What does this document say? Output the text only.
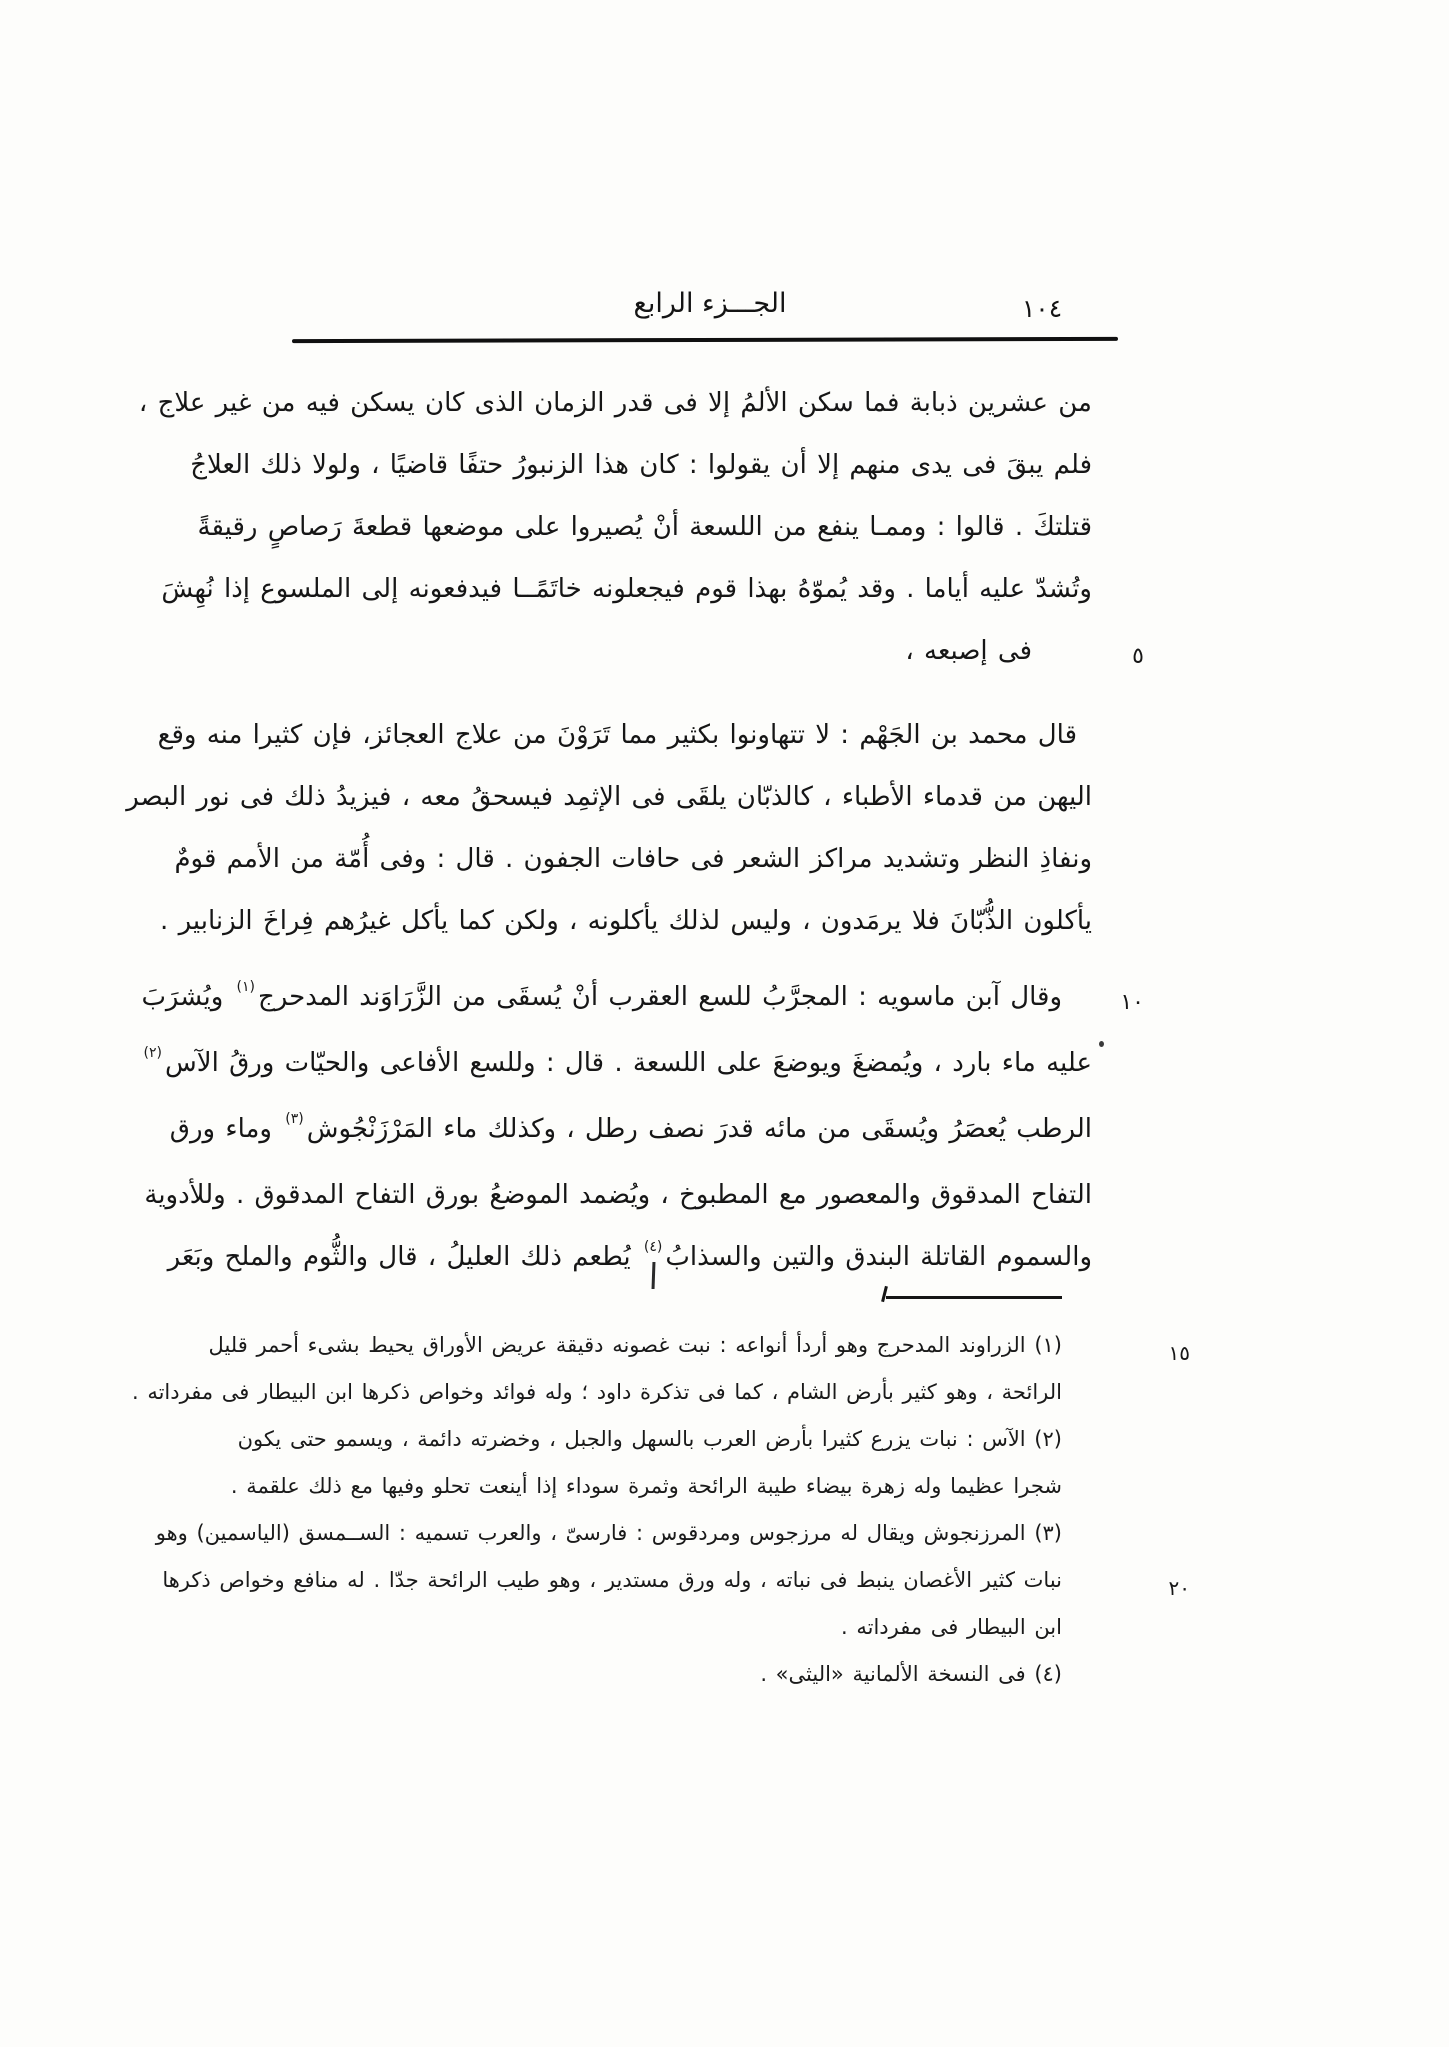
الجـــزء الرابع	١٠٤
من عشرين ذبابة فما سكن الألمُ إلا فى قدر الزمان الذى كان يسكن فيه من غير علاج ،
فلم يبقَ فى يدى منهم إلا أن يقولوا : كان هذا الزنبورُ حتفًا قاضيًا ، ولولا ذلك العلاجُ
قتلتكَ . قالوا : وممـا ينفع من اللسعة أنْ يُصيروا على موضعها قطعةَ رَصاصٍ رقيقةً
وتُشدّ عليه أياما . وقد يُموّهُ بهذا قوم فيجعلونه خاتَمًــا فيدفعونه إلى الملسوع إذا نُهِشَ
فى إصبعه ،	٥
قال محمد بن الجَهْم : لا تتهاونوا بكثير مما تَرَوْنَ من علاج العجائز، فإن كثيرا منه وقع
اليهن من قدماء الأطباء ، كالذبّان يلقَى فى الإثمِد فيسحقُ معه ، فيزيدُ ذلك فى نور البصر
ونفاذِ النظر وتشديد مراكز الشعر فى حافات الجفون . قال : وفى أُمّة من الأمم قومٌ
يأكلون الذُّبّانَ فلا يرمَدون ، وليس لذلك يأكلونه ، ولكن كما يأكل غيرُهم فِراخَ الزنابير .
وقال آبن ماسويه : المجرَّبُ للسع العقرب أنْ يُسقَى من الزَّرَاوَند المدحرج$^{(١)}$ ويُشرَبَ	١٠
عليه ماء بارد ، ويُمضغَ ويوضعَ على اللسعة . قال : وللسع الأفاعى والحيّات ورقُ الآس$^{(٢)}$
الرطب يُعصَرُ ويُسقَى من مائه قدرَ نصف رطل ، وكذلك ماء المَرْزَنْجُوش$^{(٣)}$ وماء ورق
التفاح المدقوق والمعصور مع المطبوخ ، ويُضمد الموضعُ بورق التفاح المدقوق . وللأدوية
والسموم القاتلة البندق والتين والسذابُ$^{(٤)}$ يُطعم ذلك العليلُ ، قال والثُّوم والملح وبَعَر
(١) الزراوند المدحرج وهو أردأ أنواعه : نبت غصونه دقيقة عريض الأوراق يحيط بشىء أحمر قليل	١٥
الرائحة ، وهو كثير بأرض الشام ، كما فى تذكرة داود ؛ وله فوائد وخواص ذكرها ابن البيطار فى مفرداته .
(٢) الآس : نبات يزرع كثيرا بأرض العرب بالسهل والجبل ، وخضرته دائمة ، ويسمو حتى يكون
شجرا عظيما وله زهرة بيضاء طيبة الرائحة وثمرة سوداء إذا أينعت تحلو وفيها مع ذلك علقمة .
(٣) المرزنجوش ويقال له مرزجوس ومردقوس : فارسىّ ، والعرب تسميه : الســمسق (الياسمين) وهو
نبات كثير الأغصان ينبط فى نباته ، وله ورق مستدير ، وهو طيب الرائحة جدّا . له منافع وخواص ذكرها	٢٠
ابن البيطار فى مفرداته .
(٤) فى النسخة الألمانية «اليثى» .
